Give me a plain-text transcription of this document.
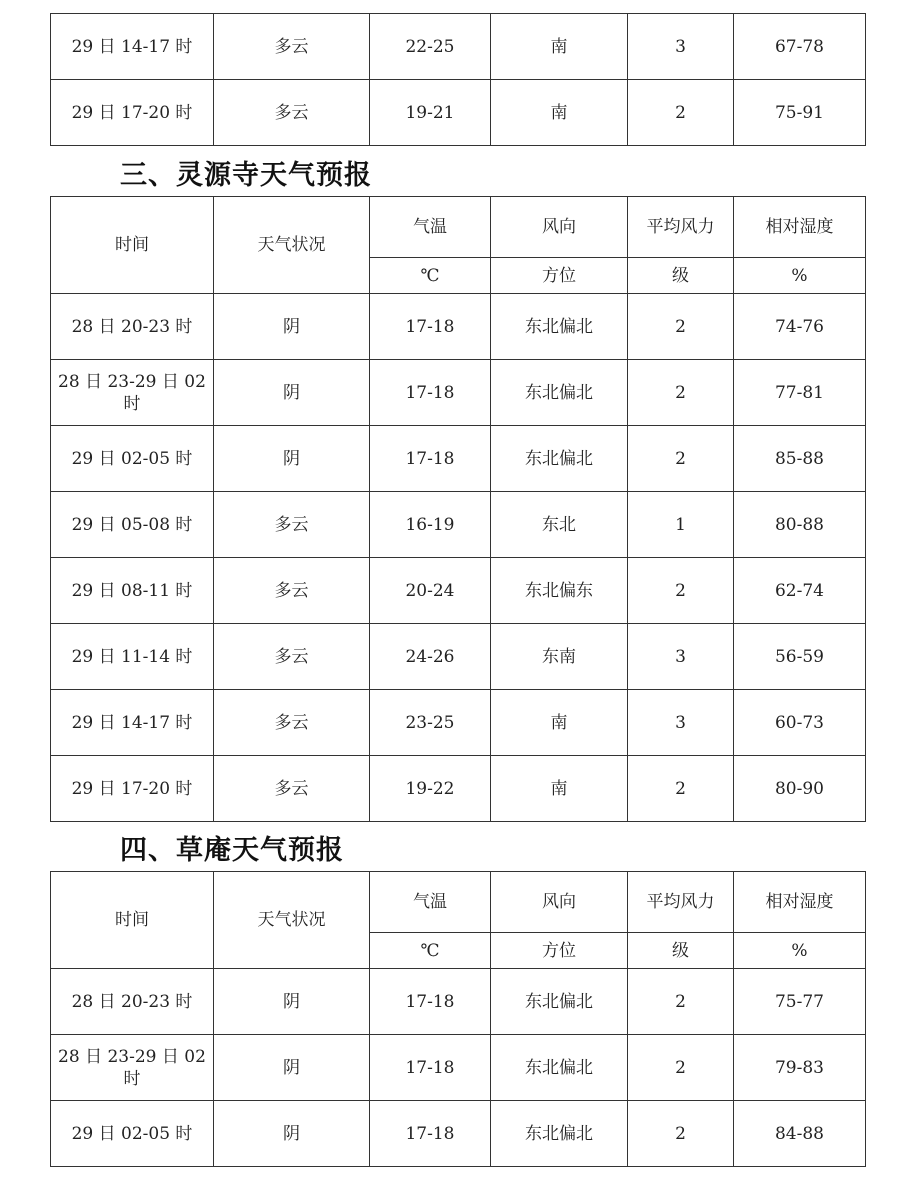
29 日 14-17 时	多云	22-25	南	3	67-78
29 日 17-20 时	多云	19-21	南	2	75-91
三、灵源寺天气预报
时间	天气状况	气温	风向	平均风力	相对湿度
		℃	方位	级	%
28 日 20-23 时	阴	17-18	东北偏北	2	74-76
28 日 23-29 日 02 时	阴	17-18	东北偏北	2	77-81
29 日 02-05 时	阴	17-18	东北偏北	2	85-88
29 日 05-08 时	多云	16-19	东北	1	80-88
29 日 08-11 时	多云	20-24	东北偏东	2	62-74
29 日 11-14 时	多云	24-26	东南	3	56-59
29 日 14-17 时	多云	23-25	南	3	60-73
29 日 17-20 时	多云	19-22	南	2	80-90
四、草庵天气预报
时间	天气状况	气温	风向	平均风力	相对湿度
		℃	方位	级	%
28 日 20-23 时	阴	17-18	东北偏北	2	75-77
28 日 23-29 日 02 时	阴	17-18	东北偏北	2	79-83
29 日 02-05 时	阴	17-18	东北偏北	2	84-88
